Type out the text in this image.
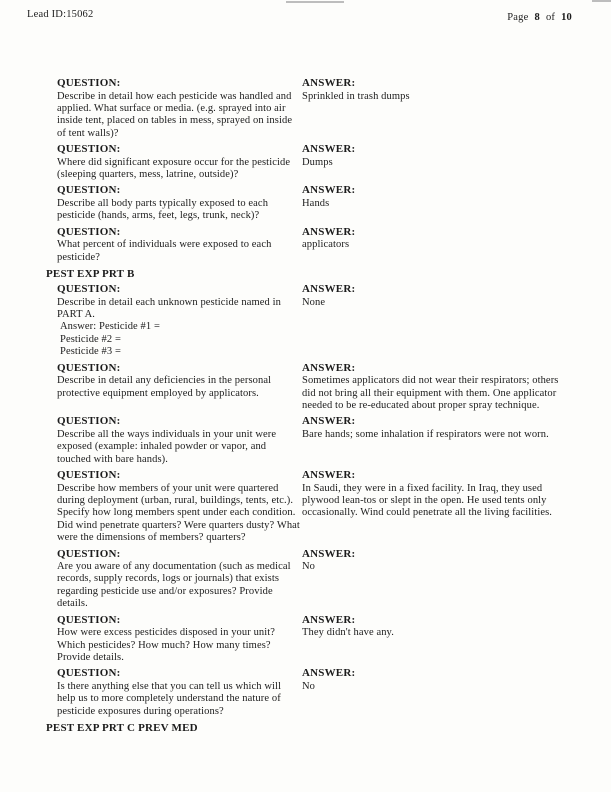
Lead ID:15062	Page 8 of 10
QUESTION:
Describe in detail how each pesticide was handled and applied. What surface or media. (e.g. sprayed into air inside tent, placed on tables in mess, sprayed on inside of tent walls)?
ANSWER:
Sprinkled in trash dumps
QUESTION:
Where did significant exposure occur for the pesticide (sleeping quarters, mess, latrine, outside)?
ANSWER:
Dumps
QUESTION:
Describe all body parts typically exposed to each pesticide (hands, arms, feet, legs, trunk, neck)?
ANSWER:
Hands
QUESTION:
What percent of individuals were exposed to each pesticide?
ANSWER:
applicators
PEST EXP PRT B
QUESTION:
Describe in detail each unknown pesticide named in PART A.
Answer: Pesticide #1 =
Pesticide #2 =
Pesticide #3 =
ANSWER:
None
QUESTION:
Describe in detail any deficiencies in the personal protective equipment employed by applicators.
ANSWER:
Sometimes applicators did not wear their respirators; others did not bring all their equipment with them. One applicator needed to be re-educated about proper spray technique.
QUESTION:
Describe all the ways individuals in your unit were exposed (example: inhaled powder or vapor, and touched with bare hands).
ANSWER:
Bare hands; some inhalation if respirators were not worn.
QUESTION:
Describe how members of your unit were quartered during deployment (urban, rural, buildings, tents, etc.). Specify how long members spent under each condition. Did wind penetrate quarters? Were quarters dusty? What were the dimensions of members? quarters?
ANSWER:
In Saudi, they were in a fixed facility. In Iraq, they used plywood lean-tos or slept in the open. He used tents only occasionally. Wind could penetrate all the living facilities.
QUESTION:
Are you aware of any documentation (such as medical records, supply records, logs or journals) that exists regarding pesticide use and/or exposures? Provide details.
ANSWER:
No
QUESTION:
How were excess pesticides disposed in your unit? Which pesticides? How much? How many times? Provide details.
ANSWER:
They didn't have any.
QUESTION:
Is there anything else that you can tell us which will help us to more completely understand the nature of pesticide exposures during operations?
ANSWER:
No
PEST EXP PRT C PREV MED
